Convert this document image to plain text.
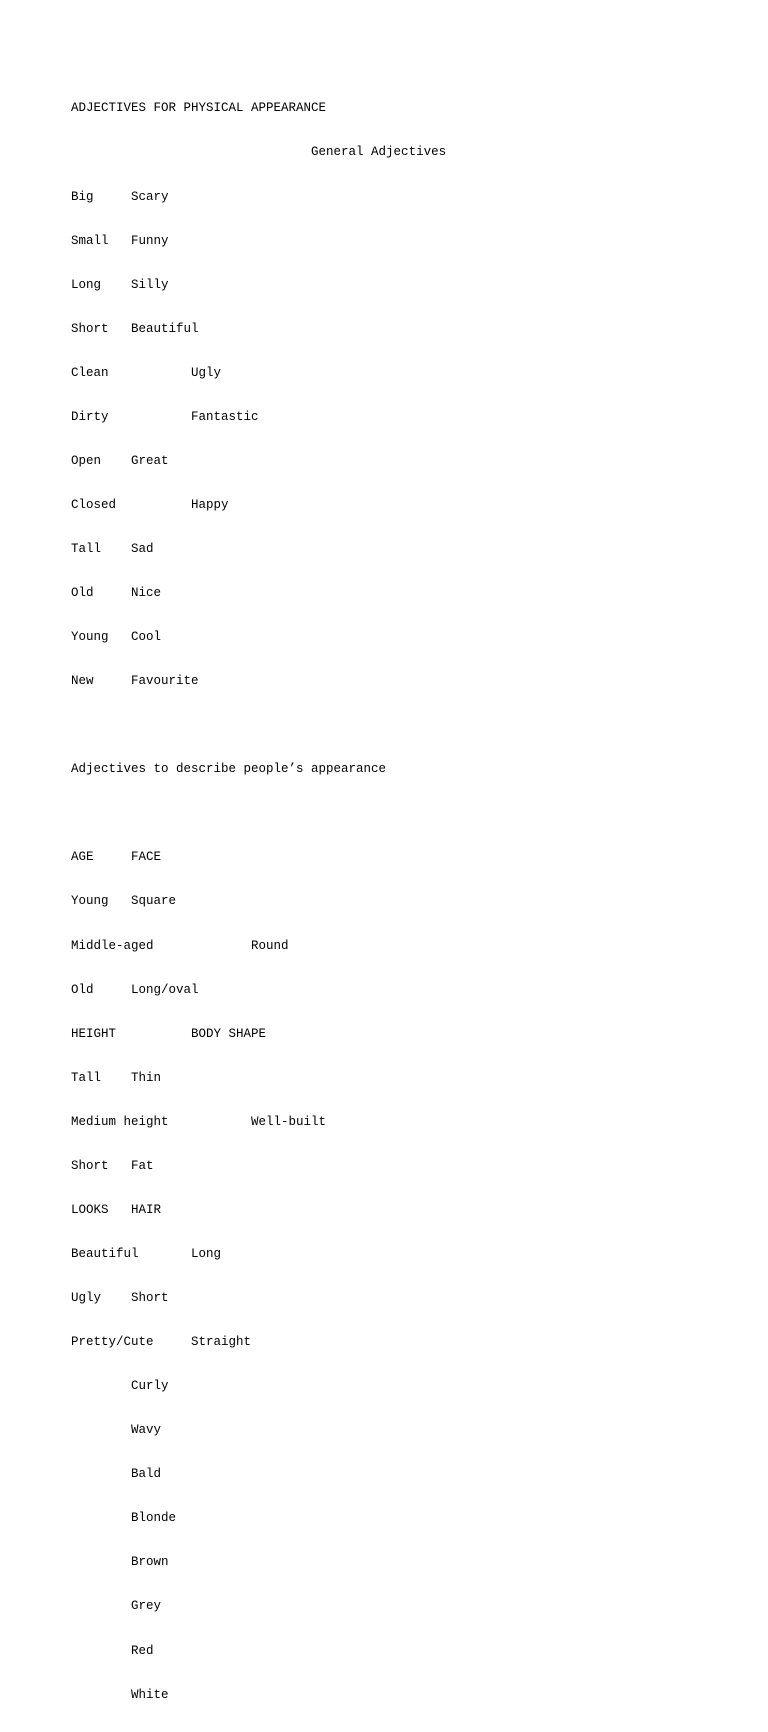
ADJECTIVES FOR PHYSICAL APPEARANCE

				General Adjectives

Big	Scary

Small	Funny

Long	Silly

Short	Beautiful

Clean		Ugly

Dirty		Fantastic

Open	Great

Closed		Happy

Tall	Sad

Old	Nice

Young	Cool

New	Favourite

Adjectives to describe people’s appearance

AGE	FACE

Young	Square

Middle-aged		Round

Old	Long/oval

HEIGHT		BODY SHAPE

Tall	Thin

Medium height		Well-built

Short	Fat

LOOKS	HAIR

Beautiful	Long

Ugly	Short

Pretty/Cute	Straight

	Curly

	Wavy

	Bald

	Blonde

	Brown

	Grey

	Red

	White
